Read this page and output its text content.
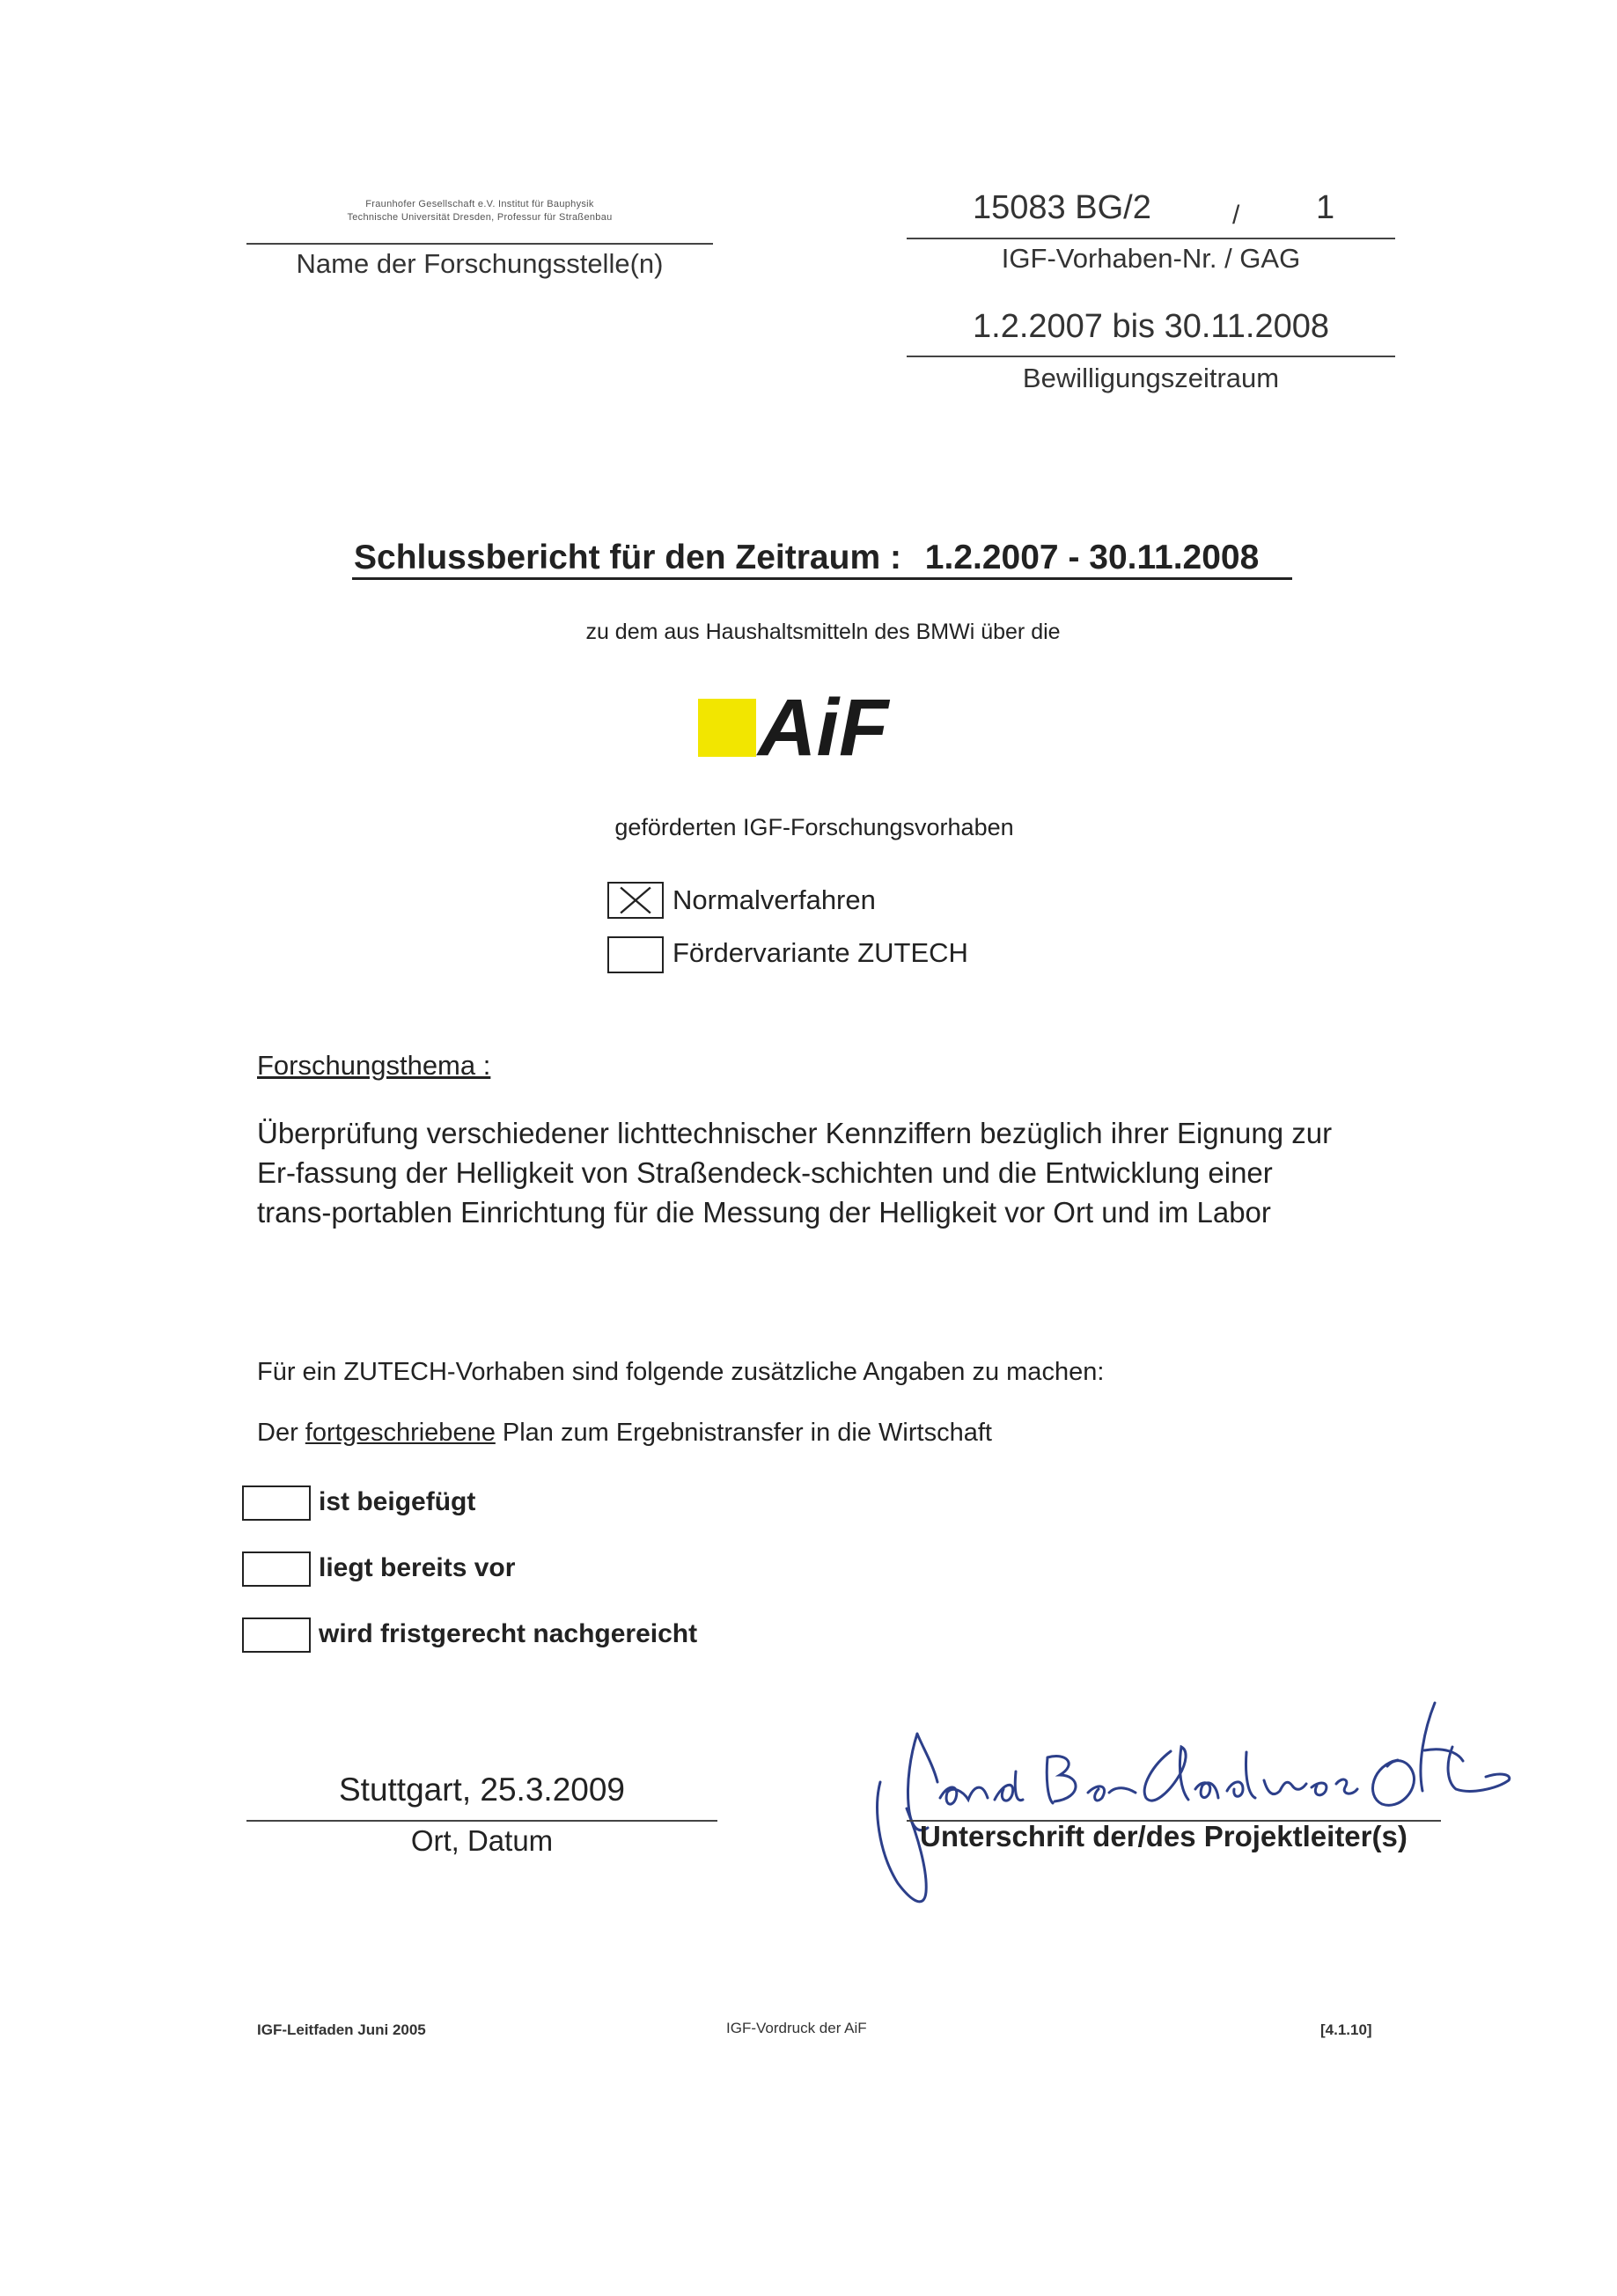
Fraunhofer Gesellschaft e.V. Institut für Bauphysik
Technische Universität Dresden, Professur für Straßenbau
Name der Forschungsstelle(n)
15083 BG/2	/ 1
IGF-Vorhaben-Nr. / GAG
1.2.2007 bis 30.11.2008
Bewilligungszeitraum
Schlussbericht für den Zeitraum : 1.2.2007 - 30.11.2008
zu dem aus Haushaltsmitteln des BMWi über die
AiF
geförderten IGF-Forschungsvorhaben
Normalverfahren
Fördervariante ZUTECH
Forschungsthema :
Überprüfung verschiedener lichttechnischer Kennziffern bezüglich ihrer Eignung zur
Er-fassung der Helligkeit von Straßendeck-schichten und die Entwicklung einer
trans-portablen Einrichtung für die Messung der Helligkeit vor Ort und im Labor
Für ein ZUTECH-Vorhaben sind folgende zusätzliche Angaben zu machen:
Der fortgeschriebene Plan zum Ergebnistransfer in die Wirtschaft
ist beigefügt
liegt bereits vor
wird fristgerecht nachgereicht
Stuttgart, 25.3.2009
Ort, Datum	Unterschrift der/des Projektleiter(s)
IGF-Leitfaden Juni 2005	IGF-Vordruck der AiF	[4.1.10]
